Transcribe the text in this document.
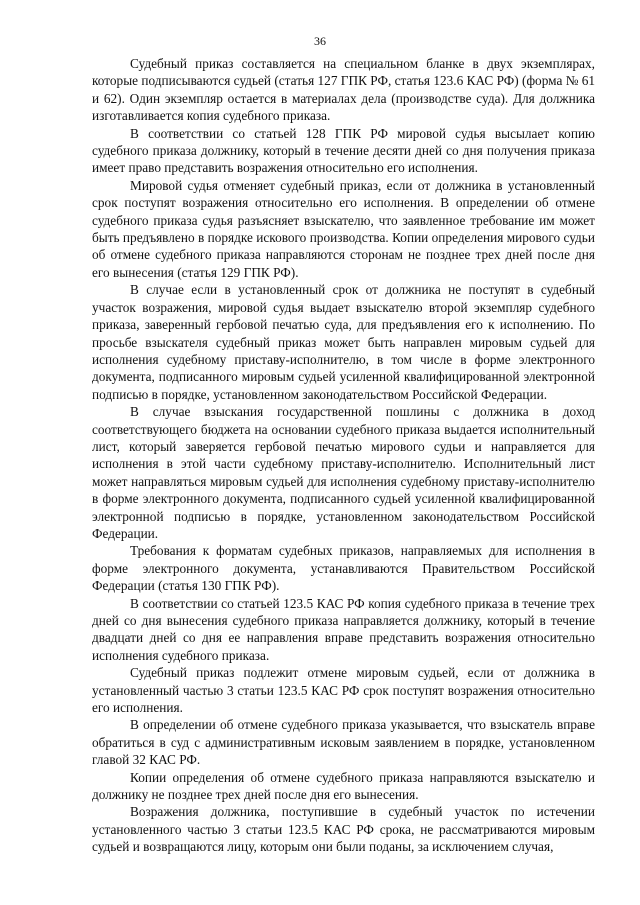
36

Судебный приказ составляется на специальном бланке в двух экземплярах, которые подписываются судьей (статья 127 ГПК РФ, статья 123.6 КАС РФ) (форма № 61 и 62). Один экземпляр остается в материалах дела (производстве суда). Для должника изготавливается копия судебного приказа.

В соответствии со статьей 128 ГПК РФ мировой судья высылает копию судебного приказа должнику, который в течение десяти дней со дня получения приказа имеет право представить возражения относительно его исполнения.

Мировой судья отменяет судебный приказ, если от должника в установленный срок поступят возражения относительно его исполнения. В определении об отмене судебного приказа судья разъясняет взыскателю, что заявленное требование им может быть предъявлено в порядке искового производства. Копии определения мирового судьи об отмене судебного приказа направляются сторонам не позднее трех дней после дня его вынесения (статья 129 ГПК РФ).

В случае если в установленный срок от должника не поступят в судебный участок возражения, мировой судья выдает взыскателю второй экземпляр судебного приказа, заверенный гербовой печатью суда, для предъявления его к исполнению. По просьбе взыскателя судебный приказ может быть направлен мировым судьей для исполнения судебному приставу-исполнителю, в том числе в форме электронного документа, подписанного мировым судьей усиленной квалифицированной электронной подписью в порядке, установленном законодательством Российской Федерации.

В случае взыскания государственной пошлины с должника в доход соответствующего бюджета на основании судебного приказа выдается исполнительный лист, который заверяется гербовой печатью мирового судьи и направляется для исполнения в этой части судебному приставу-исполнителю. Исполнительный лист может направляться мировым судьей для исполнения судебному приставу-исполнителю в форме электронного документа, подписанного судьей усиленной квалифицированной электронной подписью в порядке, установленном законодательством Российской Федерации.

Требования к форматам судебных приказов, направляемых для исполнения в форме электронного документа, устанавливаются Правительством Российской Федерации (статья 130 ГПК РФ).

В соответствии со статьей 123.5 КАС РФ копия судебного приказа в течение трех дней со дня вынесения судебного приказа направляется должнику, который в течение двадцати дней со дня ее направления вправе представить возражения относительно исполнения судебного приказа.

Судебный приказ подлежит отмене мировым судьей, если от должника в установленный частью 3 статьи 123.5 КАС РФ срок поступят возражения относительно его исполнения.

В определении об отмене судебного приказа указывается, что взыскатель вправе обратиться в суд с административным исковым заявлением в порядке, установленном главой 32 КАС РФ.

Копии определения об отмене судебного приказа направляются взыскателю и должнику не позднее трех дней после дня его вынесения.

Возражения должника, поступившие в судебный участок по истечении установленного частью 3 статьи 123.5 КАС РФ срока, не рассматриваются мировым судьей и возвращаются лицу, которым они были поданы, за исключением случая,
